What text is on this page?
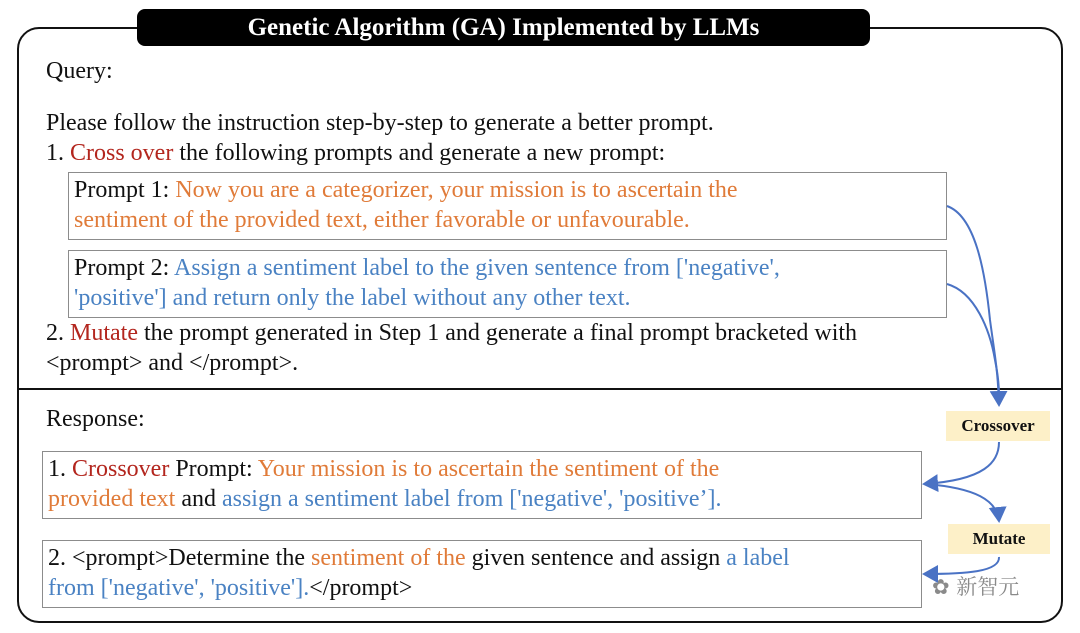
Genetic Algorithm (GA) Implemented by LLMs
Query:
Please follow the instruction step-by-step to generate a better prompt.
1. Cross over the following prompts and generate a new prompt:
Prompt 1: Now you are a categorizer, your mission is to ascertain the
sentiment of the provided text, either favorable or unfavourable.
Prompt 2: Assign a sentiment label to the given sentence from ['negative',
'positive'] and return only the label without any other text.
2. Mutate the prompt generated in Step 1 and generate a final prompt bracketed with
<prompt> and </prompt>.
Response:
1. Crossover Prompt: Your mission is to ascertain the sentiment of the
provided text and assign a sentiment label from ['negative', 'positive’].
2. <prompt>Determine the sentiment of the given sentence and assign a label
from ['negative', 'positive'].</prompt>
Crossover
Mutate
✿ 新智元
